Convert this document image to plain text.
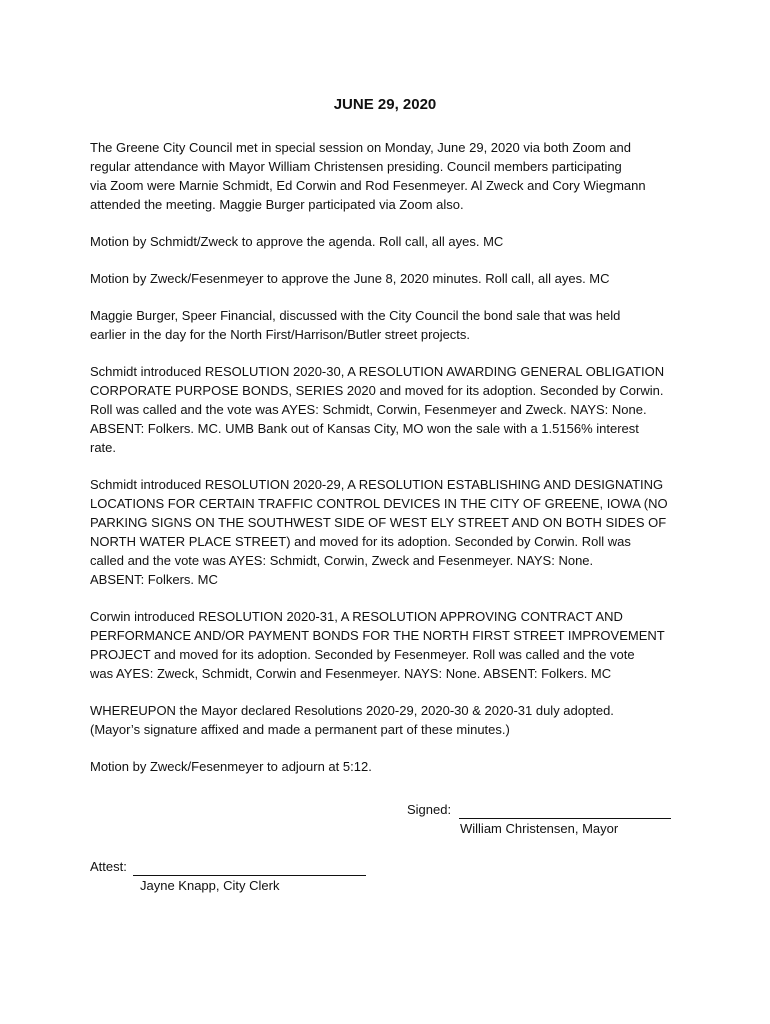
JUNE 29, 2020

The Greene City Council met in special session on Monday, June 29, 2020 via both Zoom and
regular attendance with Mayor William Christensen presiding. Council members participating
via Zoom were Marnie Schmidt, Ed Corwin and Rod Fesenmeyer. Al Zweck and Cory Wiegmann
attended the meeting. Maggie Burger participated via Zoom also.

Motion by Schmidt/Zweck to approve the agenda. Roll call, all ayes. MC

Motion by Zweck/Fesenmeyer to approve the June 8, 2020 minutes. Roll call, all ayes. MC

Maggie Burger, Speer Financial, discussed with the City Council the bond sale that was held
earlier in the day for the North First/Harrison/Butler street projects.

Schmidt introduced RESOLUTION 2020-30, A RESOLUTION AWARDING GENERAL OBLIGATION
CORPORATE PURPOSE BONDS, SERIES 2020 and moved for its adoption. Seconded by Corwin.
Roll was called and the vote was AYES: Schmidt, Corwin, Fesenmeyer and Zweck. NAYS: None.
ABSENT: Folkers. MC. UMB Bank out of Kansas City, MO won the sale with a 1.5156% interest
rate.

Schmidt introduced RESOLUTION 2020-29, A RESOLUTION ESTABLISHING AND DESIGNATING
LOCATIONS FOR CERTAIN TRAFFIC CONTROL DEVICES IN THE CITY OF GREENE, IOWA (NO
PARKING SIGNS ON THE SOUTHWEST SIDE OF WEST ELY STREET AND ON BOTH SIDES OF
NORTH WATER PLACE STREET) and moved for its adoption. Seconded by Corwin. Roll was
called and the vote was AYES: Schmidt, Corwin, Zweck and Fesenmeyer. NAYS: None.
ABSENT: Folkers. MC

Corwin introduced RESOLUTION 2020-31, A RESOLUTION APPROVING CONTRACT AND
PERFORMANCE AND/OR PAYMENT BONDS FOR THE NORTH FIRST STREET IMPROVEMENT
PROJECT and moved for its adoption. Seconded by Fesenmeyer. Roll was called and the vote
was AYES: Zweck, Schmidt, Corwin and Fesenmeyer. NAYS: None. ABSENT: Folkers. MC

WHEREUPON the Mayor declared Resolutions 2020-29, 2020-30 & 2020-31 duly adopted.
(Mayor’s signature affixed and made a permanent part of these minutes.)

Motion by Zweck/Fesenmeyer to adjourn at 5:12.

Signed:
William Christensen, Mayor
Attest:
Jayne Knapp, City Clerk
